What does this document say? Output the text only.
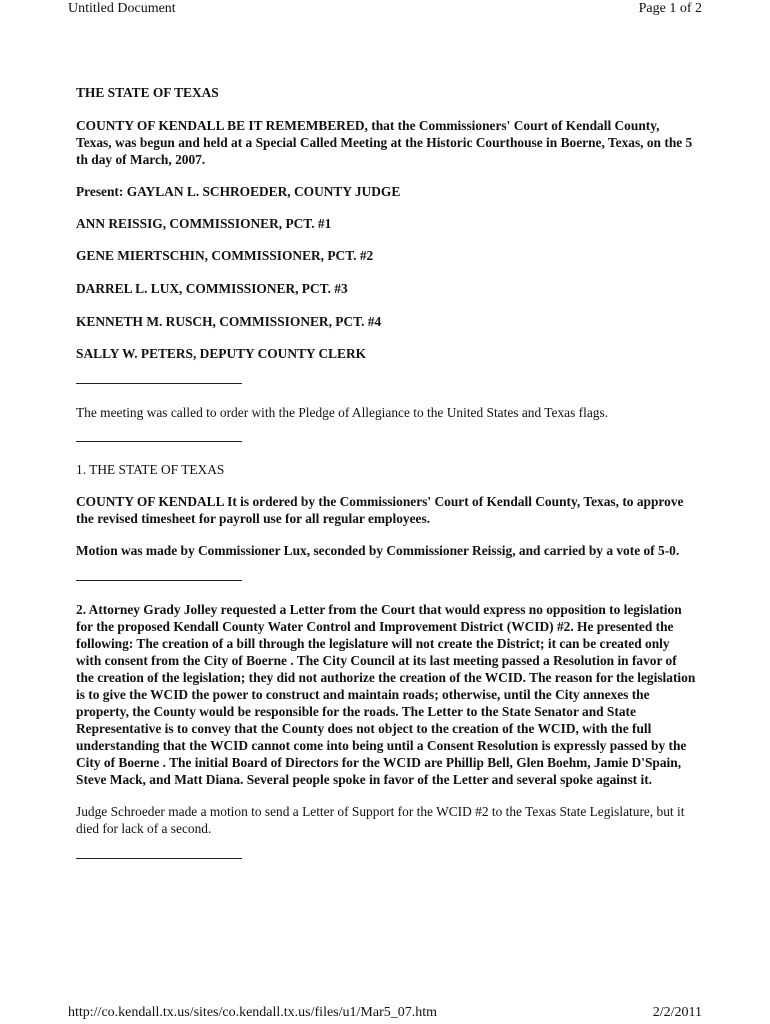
Untitled Document	Page 1 of 2

THE STATE OF TEXAS

COUNTY OF KENDALL BE IT REMEMBERED, that the Commissioners' Court of Kendall County, Texas, was begun and held at a Special Called Meeting at the Historic Courthouse in Boerne, Texas, on the 5 th day of March, 2007.

Present: GAYLAN L. SCHROEDER, COUNTY JUDGE

ANN REISSIG, COMMISSIONER, PCT. #1

GENE MIERTSCHIN, COMMISSIONER, PCT. #2

DARREL L. LUX, COMMISSIONER, PCT. #3

KENNETH M. RUSCH, COMMISSIONER, PCT. #4

SALLY W. PETERS, DEPUTY COUNTY CLERK

The meeting was called to order with the Pledge of Allegiance to the United States and Texas flags.

1. THE STATE OF TEXAS

COUNTY OF KENDALL It is ordered by the Commissioners' Court of Kendall County, Texas, to approve the revised timesheet for payroll use for all regular employees.

Motion was made by Commissioner Lux, seconded by Commissioner Reissig, and carried by a vote of 5-0.

2. Attorney Grady Jolley requested a Letter from the Court that would express no opposition to legislation for the proposed Kendall County Water Control and Improvement District (WCID) #2. He presented the following: The creation of a bill through the legislature will not create the District; it can be created only with consent from the City of Boerne . The City Council at its last meeting passed a Resolution in favor of the creation of the legislation; they did not authorize the creation of the WCID. The reason for the legislation is to give the WCID the power to construct and maintain roads; otherwise, until the City annexes the property, the County would be responsible for the roads. The Letter to the State Senator and State Representative is to convey that the County does not object to the creation of the WCID, with the full understanding that the WCID cannot come into being until a Consent Resolution is expressly passed by the City of Boerne . The initial Board of Directors for the WCID are Phillip Bell, Glen Boehm, Jamie D'Spain, Steve Mack, and Matt Diana. Several people spoke in favor of the Letter and several spoke against it.

Judge Schroeder made a motion to send a Letter of Support for the WCID #2 to the Texas State Legislature, but it died for lack of a second.

http://co.kendall.tx.us/sites/co.kendall.tx.us/files/u1/Mar5_07.htm	2/2/2011
